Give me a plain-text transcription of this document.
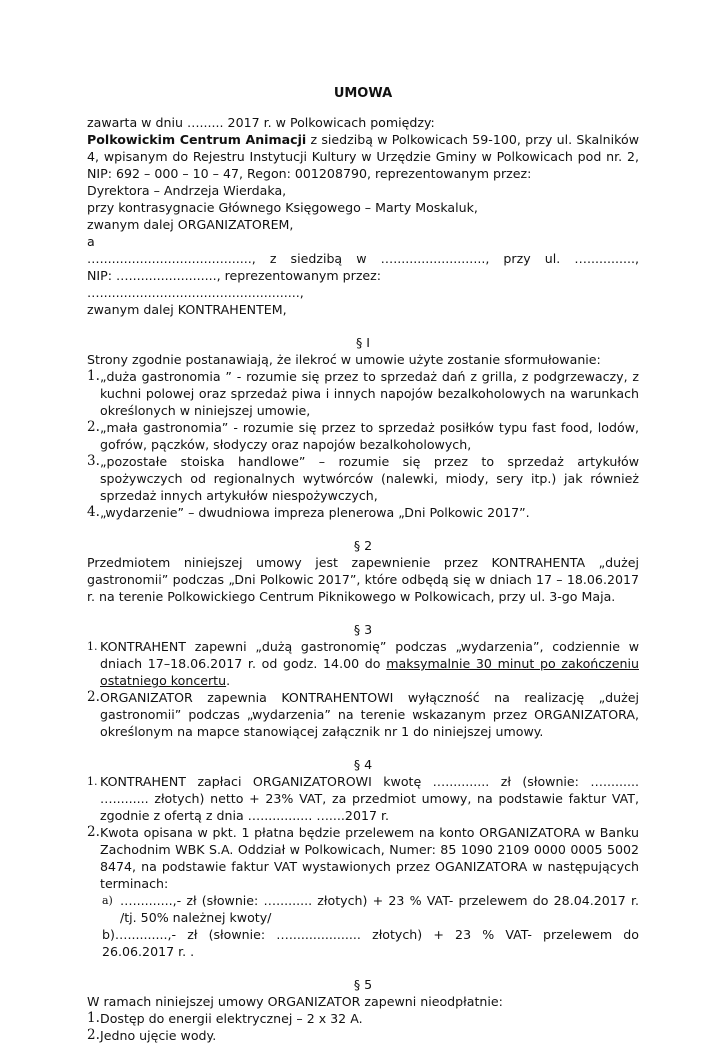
UMOWA

zawarta w dniu …...... 2017 r. w Polkowicach pomiędzy:

Polkowickim Centrum Animacji z siedzibą w Polkowicach 59-100, przy ul. Skalników 4, wpisanym do Rejestru Instytucji Kultury w Urzędzie Gminy w Polkowicach pod nr. 2, NIP: 692 – 000 – 10 – 47, Regon: 001208790, reprezentowanym przez:

Dyrektora – Andrzeja Wierdaka,

przy kontrasygnacie Głównego Księgowego – Marty Moskaluk,

zwanym dalej ORGANIZATOREM,

a

…......................................, z siedzibą w …......................., przy ul. …............,

NIP: …......................, reprezentowanym przez:

…..................................................,

zwanym dalej KONTRAHENTEM,

§ I

Strony zgodnie postanawiają, że ilekroć w umowie użyte zostanie sformułowanie:

1. „duża gastronomia ” - rozumie się przez to sprzedaż dań z grilla, z podgrzewaczy, z kuchni polowej oraz sprzedaż piwa i innych napojów bezalkoholowych na warunkach określonych w niniejszej umowie,
2. „mała gastronomia” - rozumie się przez to sprzedaż posiłków typu fast food, lodów, gofrów, pączków, słodyczy oraz napojów bezalkoholowych,
3. „pozostałe stoiska handlowe” – rozumie się przez to sprzedaż artykułów spożywczych od regionalnych wytwórców (nalewki, miody, sery itp.) jak również sprzedaż innych artykułów niespożywczych,
4. „wydarzenie” – dwudniowa impreza plenerowa „Dni Polkowic 2017”.

§ 2

Przedmiotem niniejszej umowy jest zapewnienie przez KONTRAHENTA „dużej gastronomii” podczas „Dni Polkowic 2017”, które odbędą się w dniach 17 – 18.06.2017 r. na terenie Polkowickiego Centrum Piknikowego w Polkowicach, przy ul. 3-go Maja.

§ 3

1. KONTRAHENT zapewni „dużą gastronomię” podczas „wydarzenia”, codziennie w dniach 17–18.06.2017 r. od godz. 14.00 do maksymalnie 30 minut po zakończeniu ostatniego koncertu.
2. ORGANIZATOR zapewnia KONTRAHENTOWI wyłączność na realizację „dużej gastronomii” podczas „wydarzenia” na terenie wskazanym przez ORGANIZATORA, określonym na mapce stanowiącej załącznik nr 1 do niniejszej umowy.

§ 4

1. KONTRAHENT zapłaci ORGANIZATOROWI kwotę …........... zł (słownie: …......... …......... złotych) netto + 23% VAT, za przedmiot umowy, na podstawie faktur VAT, zgodnie z ofertą z dnia …............. …....2017 r.
2. Kwota opisana w pkt. 1 płatna będzie przelewem na konto ORGANIZATORA w Banku Zachodnim WBK S.A. Oddział w Polkowicach, Numer: 85 1090 2109 0000 0005 5002 8474, na podstawie faktur VAT wystawionych przez OGANIZATORA w następujących terminach:
a) …..........,- zł (słownie: …......... złotych) + 23 % VAT- przelewem do 28.04.2017 r. /tj. 50% należnej kwoty/

b)…..........,- zł (słownie: ….................. złotych) + 23 % VAT- przelewem do 26.06.2017 r. .

§ 5

W ramach niniejszej umowy ORGANIZATOR zapewni nieodpłatnie:

1. Dostęp do energii elektrycznej – 2 x 32 A.
2. Jedno ujęcie wody.
